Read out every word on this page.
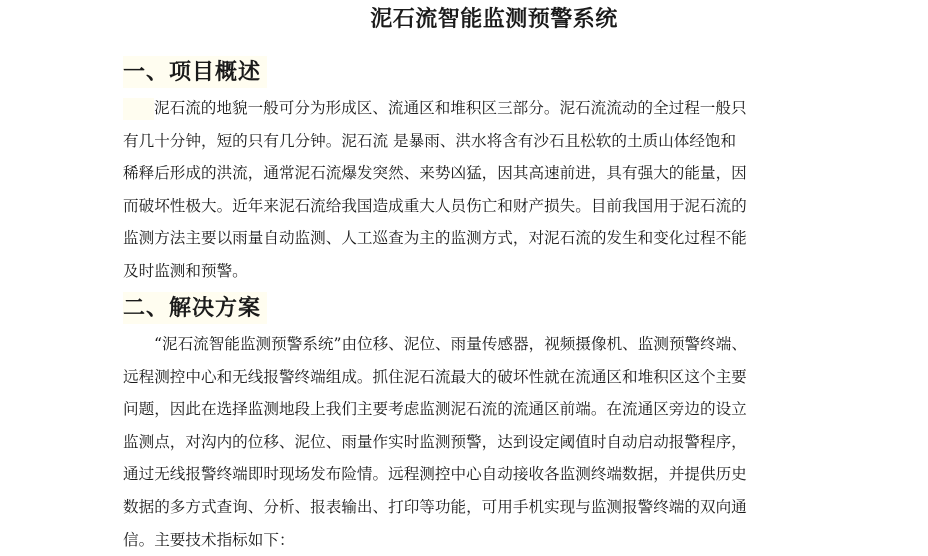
泥石流智能监测预警系统
一、项目概述
泥石流的地貌一般可分为形成区、流通区和堆积区三部分。泥石流流动的全过程一般只
有几十分钟，短的只有几分钟。泥石流 是暴雨、洪水将含有沙石且松软的土质山体经饱和
稀释后形成的洪流，通常泥石流爆发突然、来势凶猛，因其高速前进，具有强大的能量，因
而破坏性极大。近年来泥石流给我国造成重大人员伤亡和财产损失。目前我国用于泥石流的
监测方法主要以雨量自动监测、人工巡查为主的监测方式，对泥石流的发生和变化过程不能
及时监测和预警。
二、解决方案
“泥石流智能监测预警系统”由位移、泥位、雨量传感器，视频摄像机、监测预警终端、
远程测控中心和无线报警终端组成。抓住泥石流最大的破坏性就在流通区和堆积区这个主要
问题，因此在选择监测地段上我们主要考虑监测泥石流的流通区前端。在流通区旁边的设立
监测点，对沟内的位移、泥位、雨量作实时监测预警，达到设定阈值时自动启动报警程序，
通过无线报警终端即时现场发布险情。远程测控中心自动接收各监测终端数据，并提供历史
数据的多方式查询、分析、报表输出、打印等功能，可用手机实现与监测报警终端的双向通
信。主要技术指标如下：
